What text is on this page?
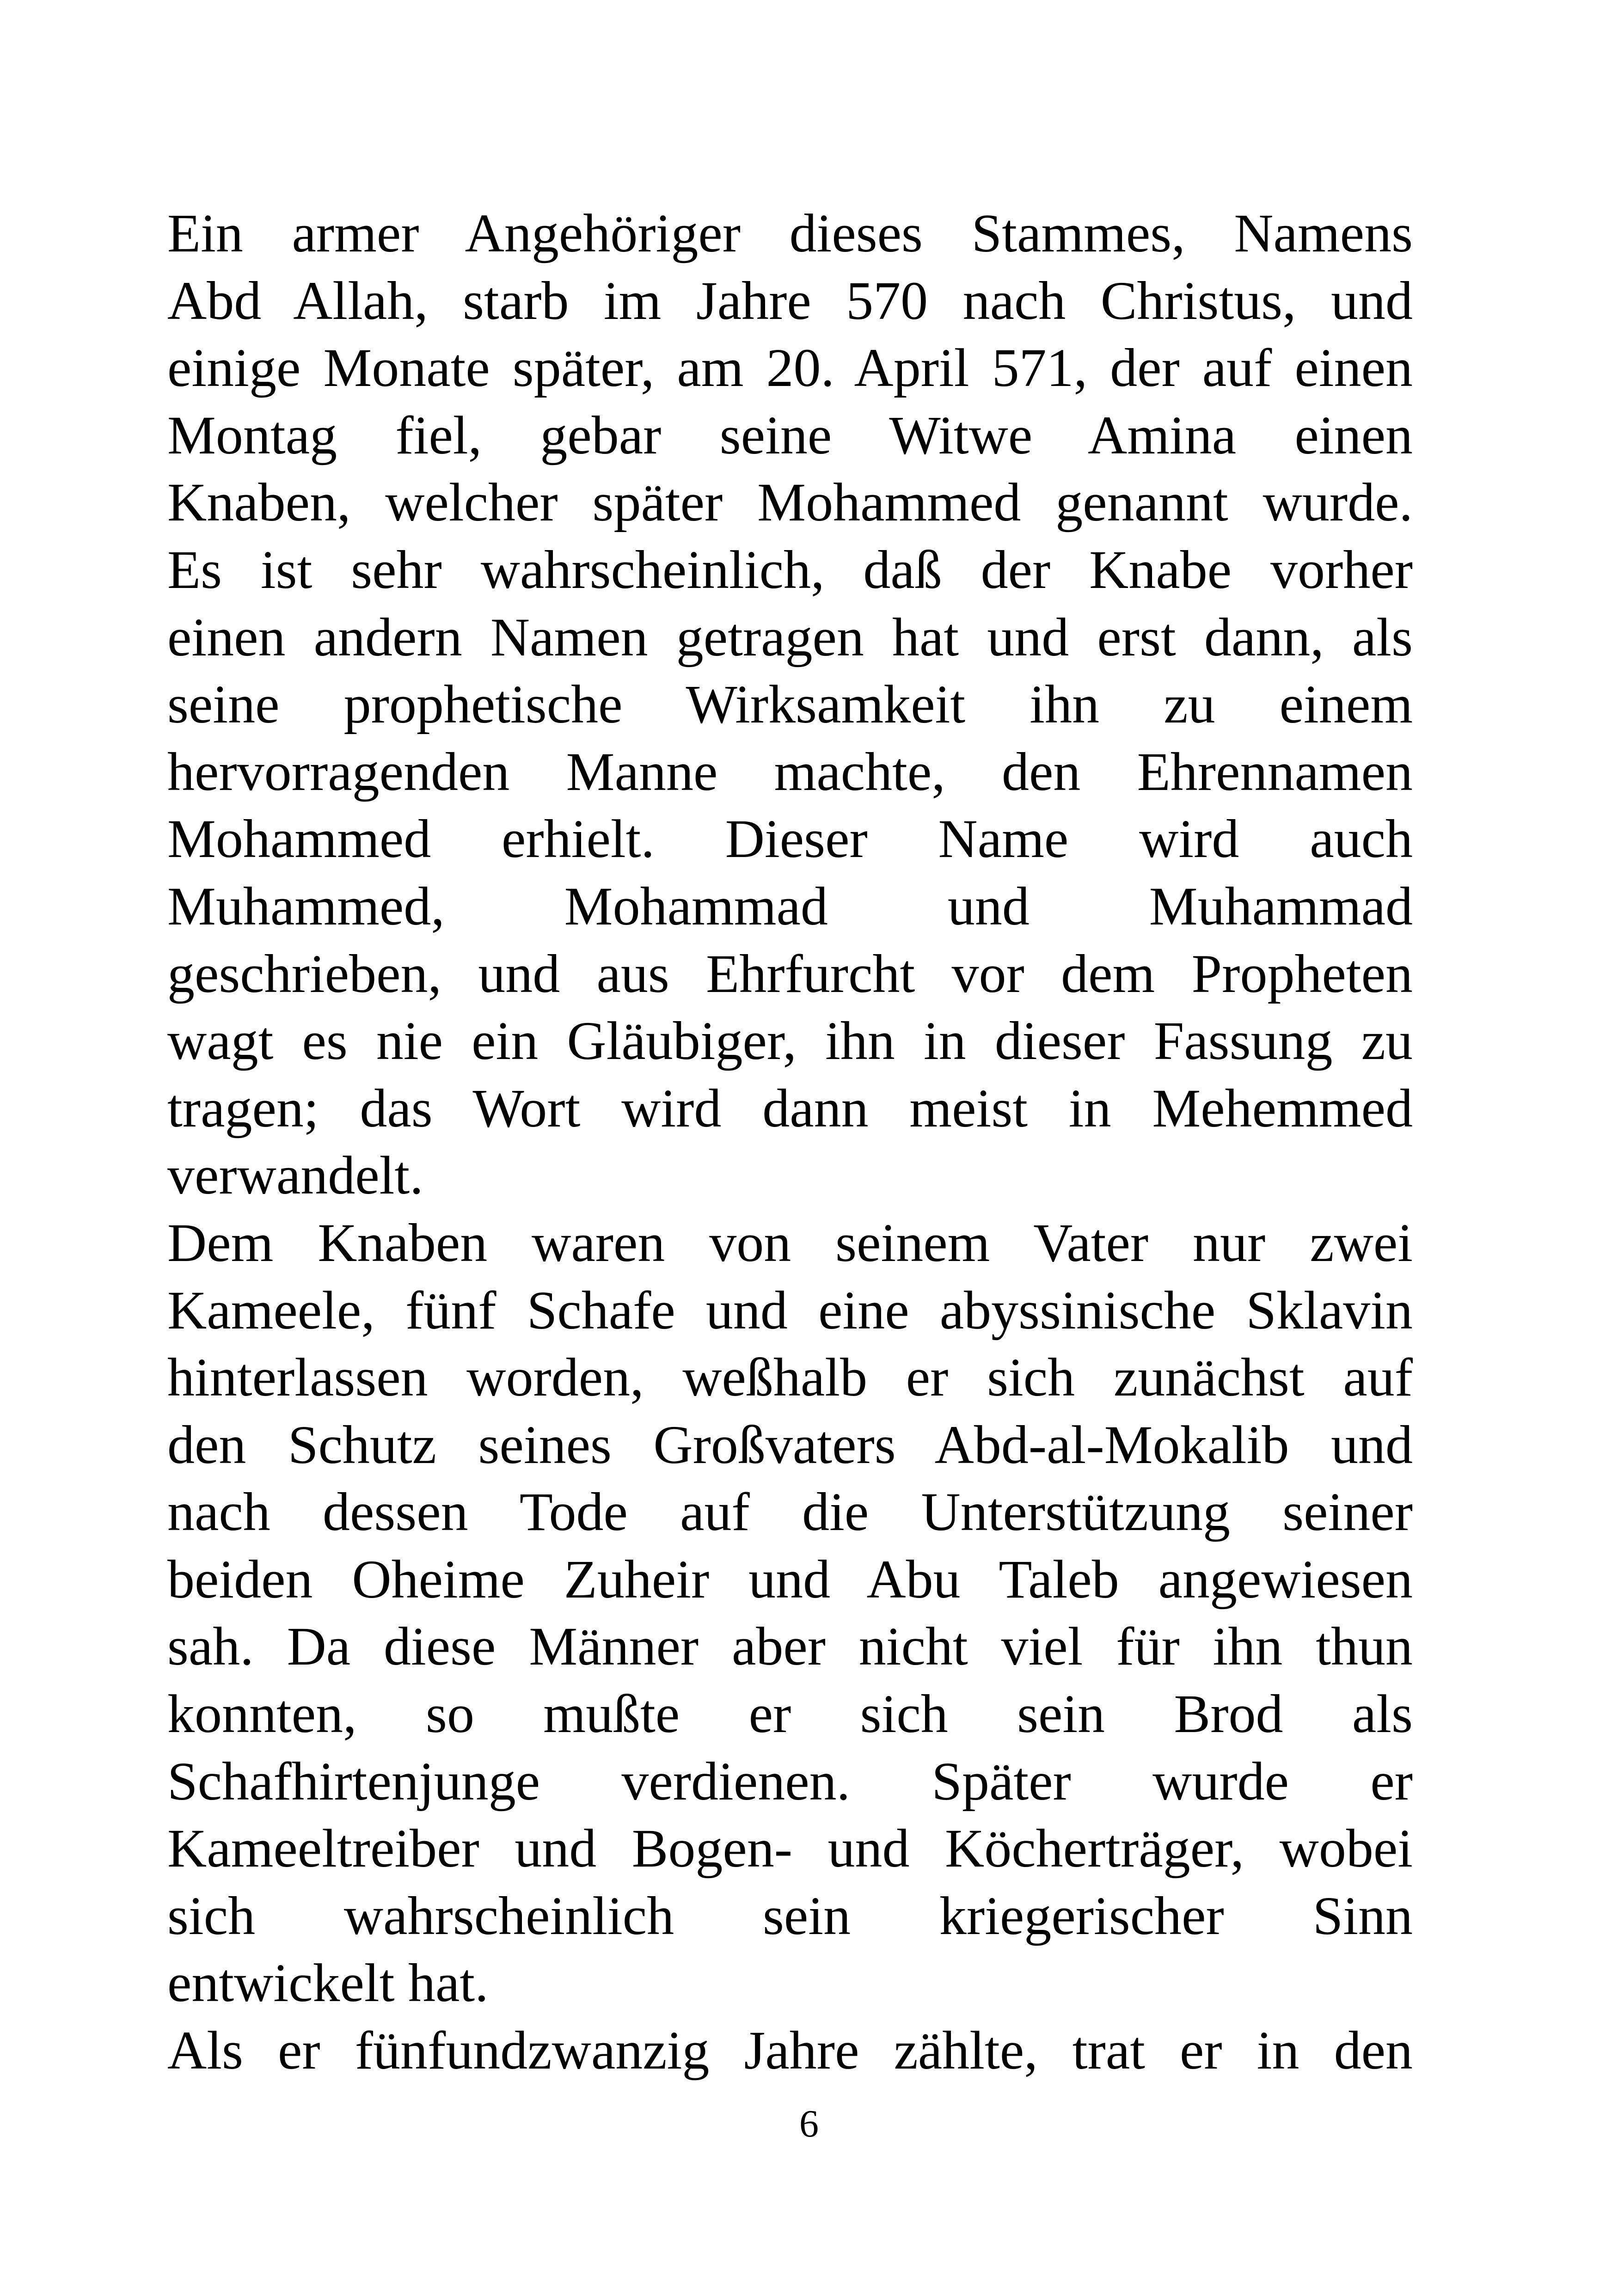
Ein armer Angehöriger dieses Stammes, Namens
Abd Allah, starb im Jahre 570 nach Christus, und
einige Monate später, am 20. April 571, der auf einen
Montag fiel, gebar seine Witwe Amina einen
Knaben, welcher später Mohammed genannt wurde.
Es ist sehr wahrscheinlich, daß der Knabe vorher
einen andern Namen getragen hat und erst dann, als
seine prophetische Wirksamkeit ihn zu einem
hervorragenden Manne machte, den Ehrennamen
Mohammed erhielt. Dieser Name wird auch
Muhammed, Mohammad und Muhammad
geschrieben, und aus Ehrfurcht vor dem Propheten
wagt es nie ein Gläubiger, ihn in dieser Fassung zu
tragen; das Wort wird dann meist in Mehemmed
verwandelt.
Dem Knaben waren von seinem Vater nur zwei
Kameele, fünf Schafe und eine abyssinische Sklavin
hinterlassen worden, weßhalb er sich zunächst auf
den Schutz seines Großvaters Abd-al-Mokalib und
nach dessen Tode auf die Unterstützung seiner
beiden Oheime Zuheir und Abu Taleb angewiesen
sah. Da diese Männer aber nicht viel für ihn thun
konnten, so mußte er sich sein Brod als
Schafhirtenjunge verdienen. Später wurde er
Kameeltreiber und Bogen- und Köcherträger, wobei
sich wahrscheinlich sein kriegerischer Sinn
entwickelt hat.
Als er fünfundzwanzig Jahre zählte, trat er in den
6
